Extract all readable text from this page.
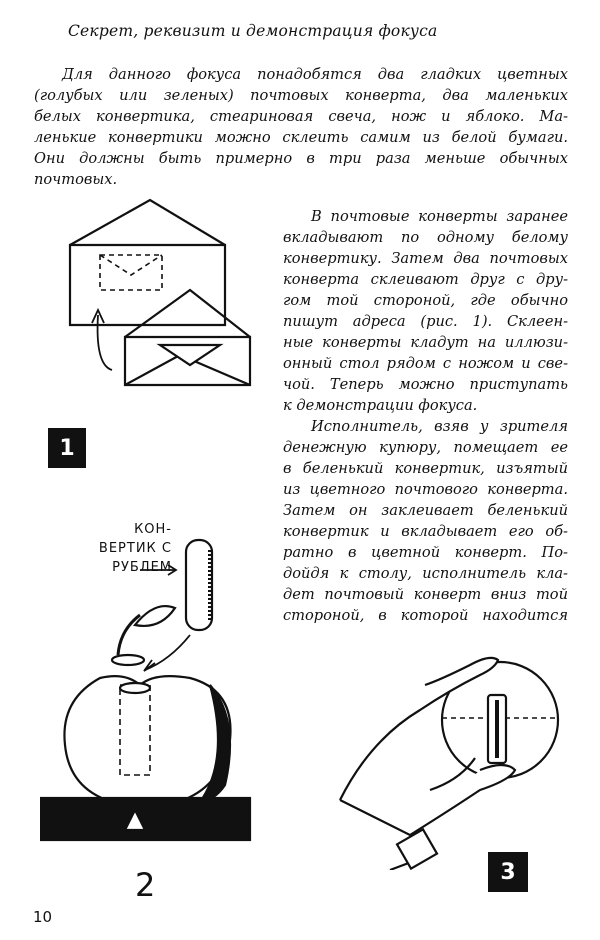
Секрет, реквизит и демонстрация фокуса
Для данного фокуса понадобятся два гладких цветных
(голубых или зеленых) почтовых конверта, два маленьких
белых конвертика, стеариновая свеча, нож и яблоко. Ма-
ленькие конвертики можно склеить самим из белой бумаги.
Они должны быть примерно в три раза меньше обычных
почтовых.
В почтовые конверты заранее
вкладывают по одному белому
конвертику. Затем два почтовых
конверта склеивают друг с дру-
гом той стороной, где обычно
пишут адреса (рис. 1). Склеен-
ные конверты кладут на иллюзи-
онный стол рядом с ножом и све-
чой. Теперь можно приступать
к демонстрации фокуса.
Исполнитель, взяв у зрителя
денежную купюру, помещает ее
в беленький конвертик, изъятый
из цветного почтового конверта.
Затем он заклеивает беленький
конвертик и вкладывает его об-
ратно в цветной конверт. По-
дойдя к столу, исполнитель кла-
дет почтовый конверт вниз той
стороной, в которой находится
1
КОН-
ВЕРТИК С
РУБЛЕМ
2	3
10
